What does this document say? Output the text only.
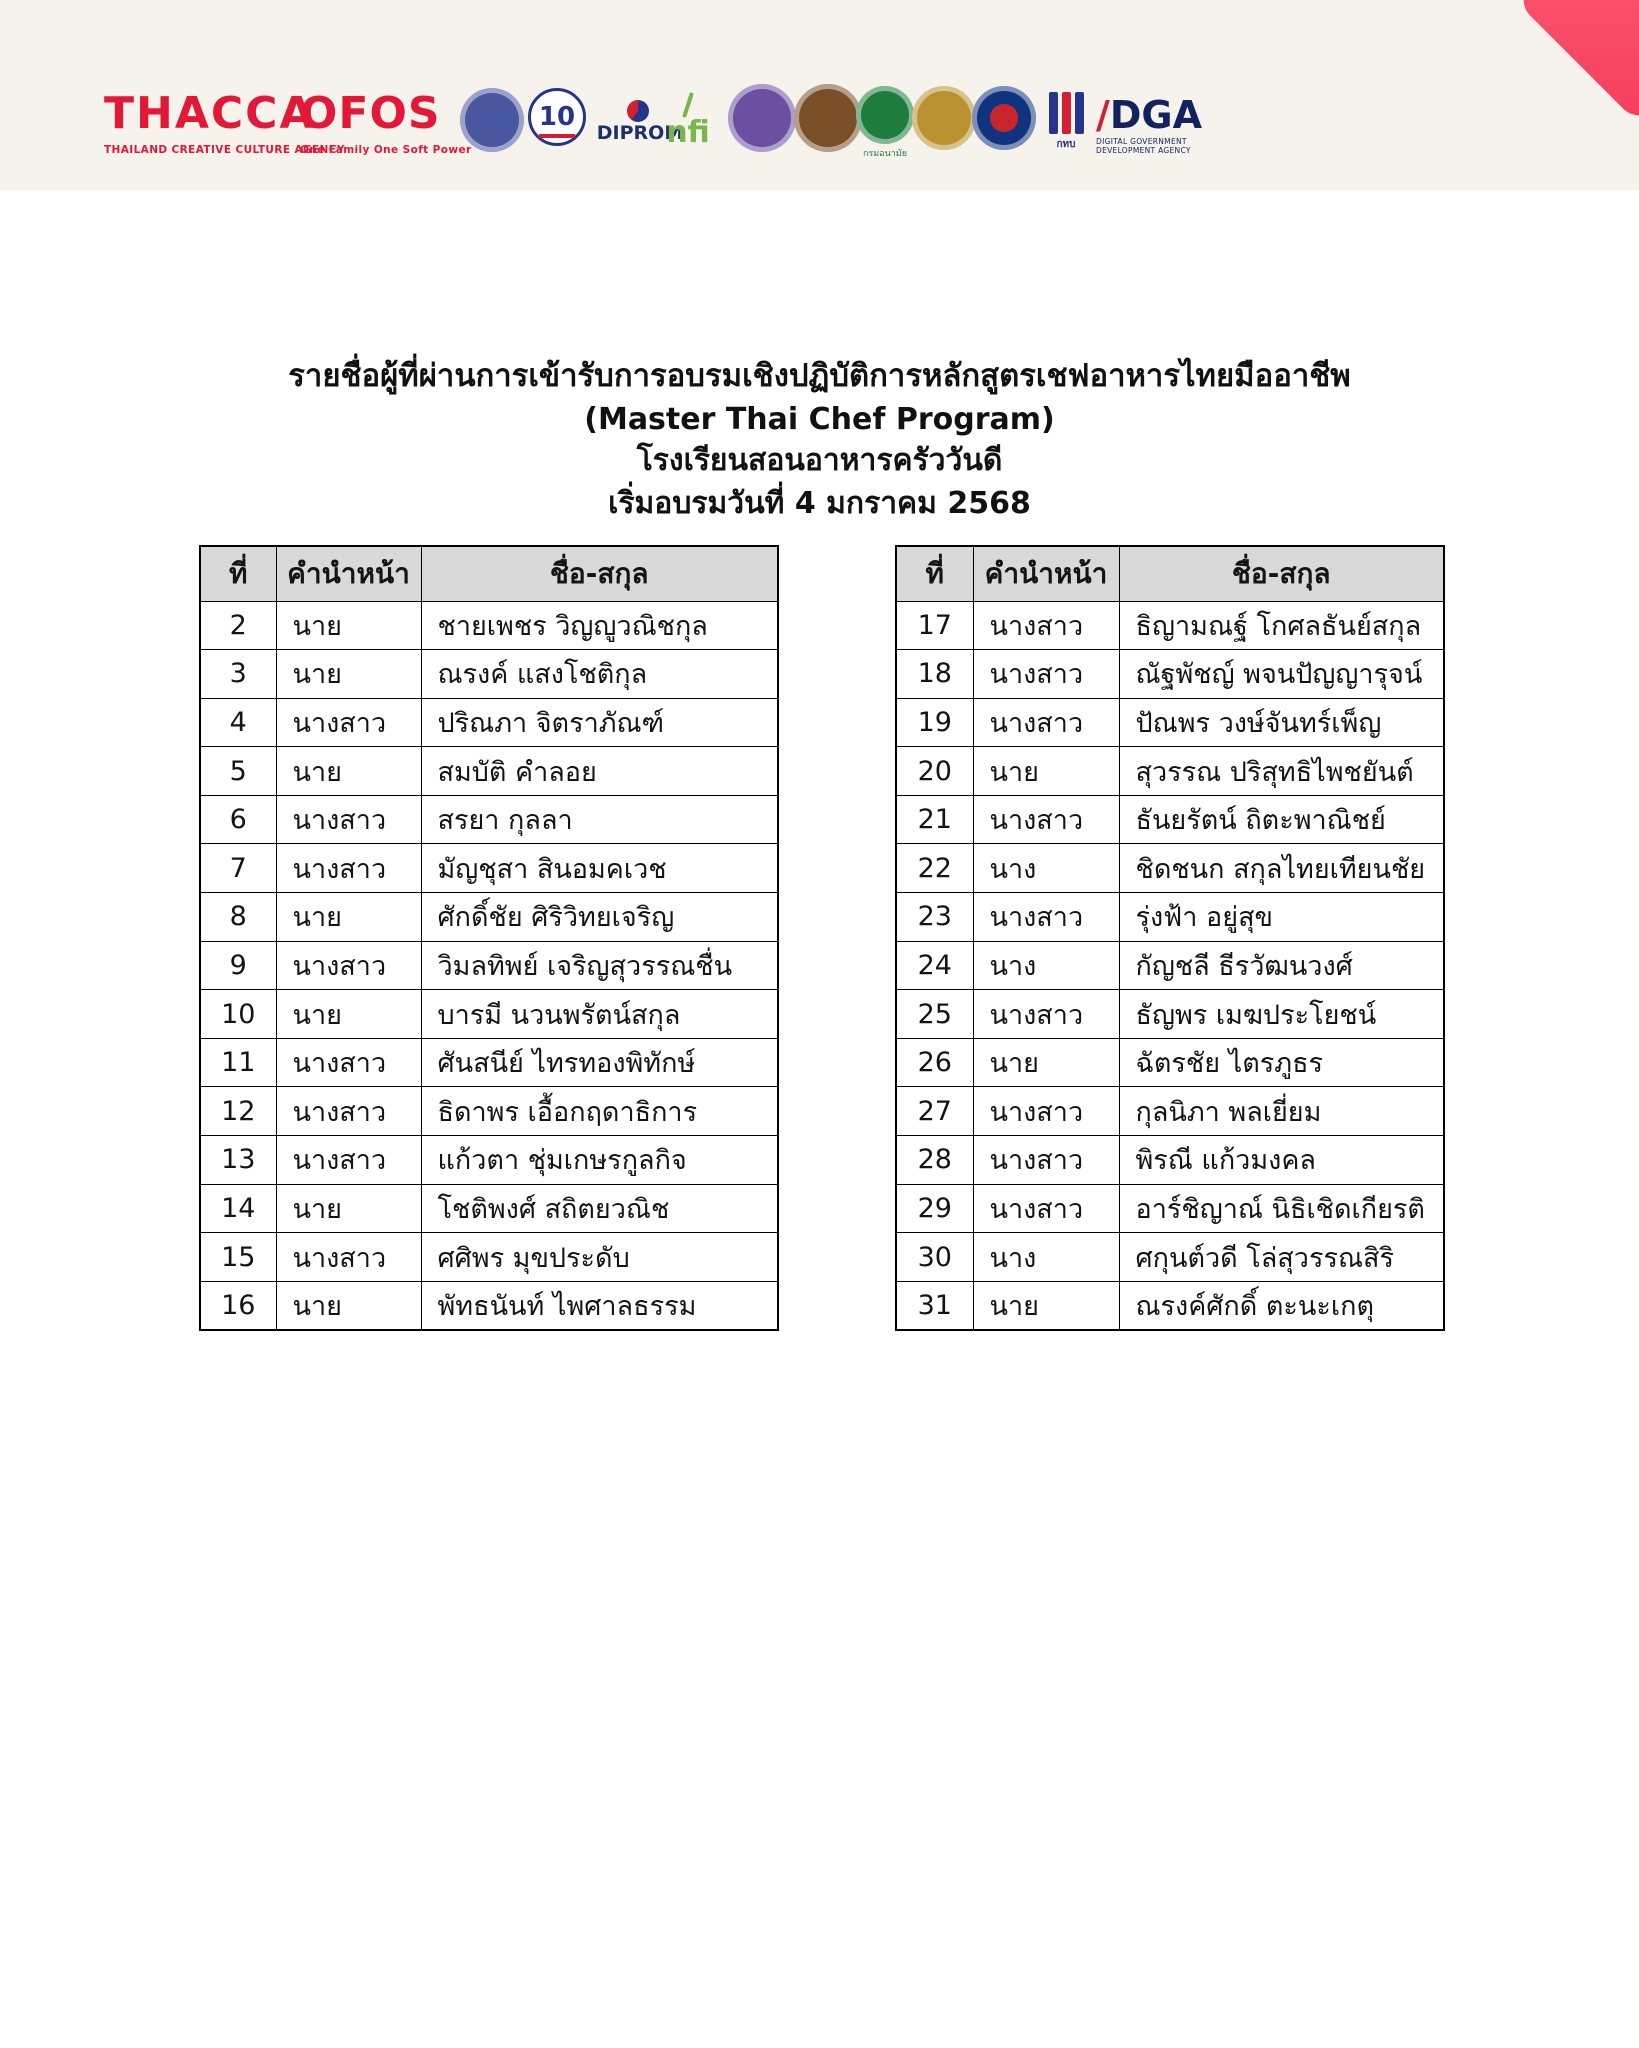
THACCA
THAILAND CREATIVE CULTURE AGENCY
OFOS
One Family One Soft Power
10
DIPROM
nfi
กรมอนามัย
กทบ
/DGA
DIGITAL GOVERNMENT DEVELOPMENT AGENCY
รายชื่อผู้ที่ผ่านการเข้ารับการอบรมเชิงปฏิบัติการหลักสูตรเชฟอาหารไทยมืออาชีพ
(Master Thai Chef Program)
โรงเรียนสอนอาหารครัววันดี
เริ่มอบรมวันที่ 4 มกราคม 2568
ที่	คำนำหน้า	ชื่อ-สกุล
2	นาย	ชายเพชร วิญญูวณิชกุล
3	นาย	ณรงค์ แสงโชติกุล
4	นางสาว	ปริณภา จิตราภัณฑ์
5	นาย	สมบัติ คำลอย
6	นางสาว	สรยา กุลลา
7	นางสาว	มัญชุสา สินอมคเวช
8	นาย	ศักดิ์ชัย ศิริวิทยเจริญ
9	นางสาว	วิมลทิพย์ เจริญสุวรรณชื่น
10	นาย	บารมี นวนพรัตน์สกุล
11	นางสาว	ศันสนีย์ ไทรทองพิทักษ์
12	นางสาว	ธิดาพร เอื้อกฤดาธิการ
13	นางสาว	แก้วตา ชุ่มเกษรกูลกิจ
14	นาย	โชติพงศ์ สถิตยวณิช
15	นางสาว	ศศิพร มุขประดับ
16	นาย	พัทธนันท์ ไพศาลธรรม
ที่	คำนำหน้า	ชื่อ-สกุล
17	นางสาว	ธิญามณฐ์ โกศลธันย์สกุล
18	นางสาว	ณัฐพัชญ์ พจนปัญญารุจน์
19	นางสาว	ปัณพร วงษ์จันทร์เพ็ญ
20	นาย	สุวรรณ ปริสุทธิไพชยันต์
21	นางสาว	ธันยรัตน์ ถิตะพาณิชย์
22	นาง	ชิดชนก สกุลไทยเทียนชัย
23	นางสาว	รุ่งฟ้า อยู่สุข
24	นาง	กัญชลี ธีรวัฒนวงศ์
25	นางสาว	ธัญพร เมฆประโยชน์
26	นาย	ฉัตรชัย ไตรภูธร
27	นางสาว	กุลนิภา พลเยี่ยม
28	นางสาว	พิรณี แก้วมงคล
29	นางสาว	อาร์ชิญาณ์ นิธิเชิดเกียรติ
30	นาง	ศกุนต์วดี โล่สุวรรณสิริ
31	นาย	ณรงค์ศักดิ์ ตะนะเกตุ
